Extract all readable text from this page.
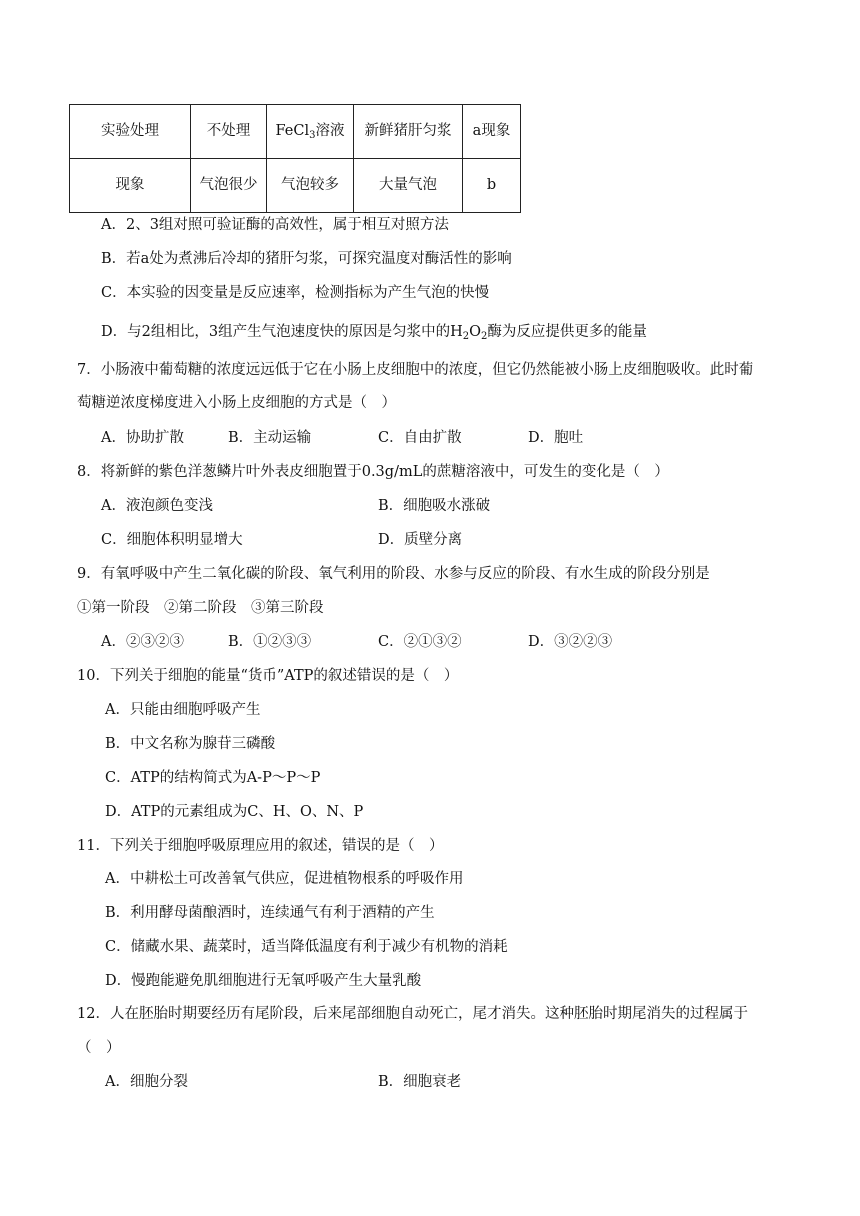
实验处理	不处理	FeCl$_3$溶液	新鲜猪肝匀浆	a现象
现象	气泡很少	气泡较多	大量气泡	b
A．2、3组对照可验证酶的高效性，属于相互对照方法
B．若a处为煮沸后冷却的猪肝匀浆，可探究温度对酶活性的影响
C．本实验的因变量是反应速率，检测指标为产生气泡的快慢
D．与2组相比，3组产生气泡速度快的原因是匀浆中的$H_2O_2$酶为反应提供更多的能量
7．小肠液中葡萄糖的浓度远远低于它在小肠上皮细胞中的浓度，但它仍然能被小肠上皮细胞吸收。此时葡
萄糖逆浓度梯度进入小肠上皮细胞的方式是（　）
A．协助扩散	B．主动运输	C．自由扩散	D．胞吐
8．将新鲜的紫色洋葱鳞片叶外表皮细胞置于0.3g/mL的蔗糖溶液中，可发生的变化是（　）
A．液泡颜色变浅	B．细胞吸水涨破
C．细胞体积明显增大	D．质壁分离
9．有氧呼吸中产生二氧化碳的阶段、氧气利用的阶段、水参与反应的阶段、有水生成的阶段分别是
①第一阶段　②第二阶段　③第三阶段
A．②③②③	B．①②③③	C．②①③②	D．③②②③
10．下列关于细胞的能量“货币”ATP的叙述错误的是（　）
A．只能由细胞呼吸产生
B．中文名称为腺苷三磷酸
C．ATP的结构简式为A-P～P～P
D．ATP的元素组成为C、H、O、N、P
11．下列关于细胞呼吸原理应用的叙述，错误的是（　）
A．中耕松土可改善氧气供应，促进植物根系的呼吸作用
B．利用酵母菌酿酒时，连续通气有利于酒精的产生
C．储藏水果、蔬菜时，适当降低温度有利于减少有机物的消耗
D．慢跑能避免肌细胞进行无氧呼吸产生大量乳酸
12．人在胚胎时期要经历有尾阶段，后来尾部细胞自动死亡，尾才消失。这种胚胎时期尾消失的过程属于
（　）
A．细胞分裂	B．细胞衰老
